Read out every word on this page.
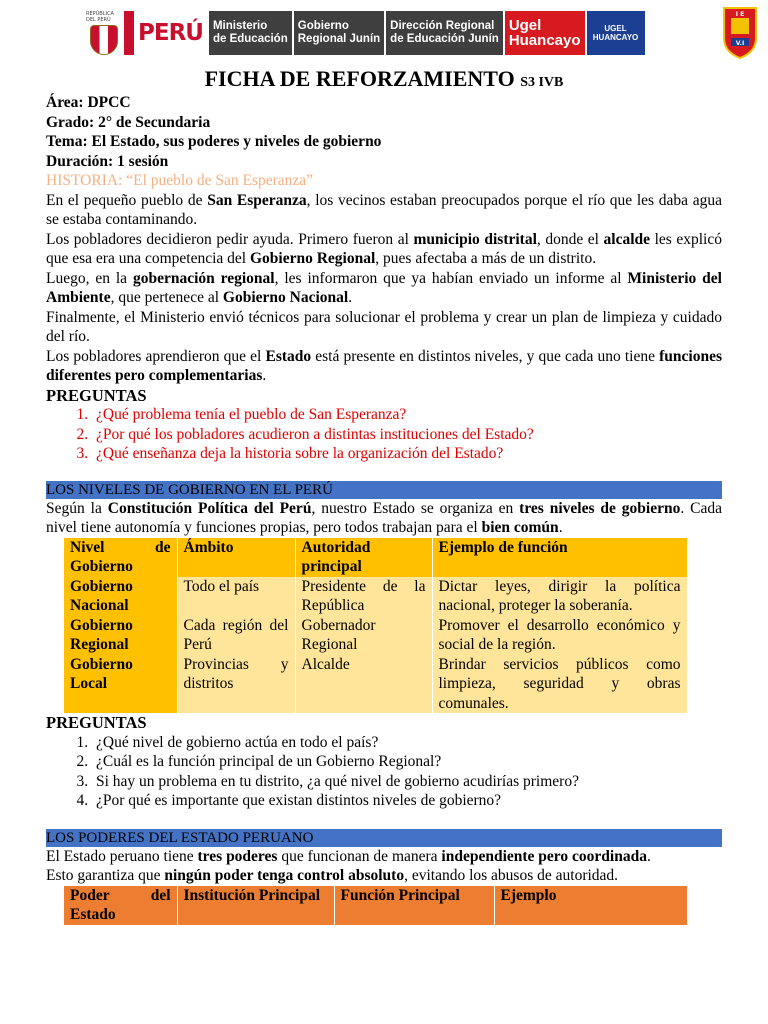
REPÚBLICA DEL PERÚ	PERÚ Ministerio
de Educación
Gobierno
Regional Junín
Dirección Regional
de Educación Junín
Ugel
Huancayo
UGEL
HUANCAYO
I E
V.I
FICHA DE REFORZAMIENTO S3 IVB
Área: DPCC
Grado: 2° de Secundaria
Tema: El Estado, sus poderes y niveles de gobierno
Duración: 1 sesión
HISTORIA: “El pueblo de San Esperanza”

En el pequeño pueblo de San Esperanza, los vecinos estaban preocupados porque el río que les daba agua se estaba contaminando.

Los pobladores decidieron pedir ayuda. Primero fueron al municipio distrital, donde el alcalde les explicó que esa era una competencia del Gobierno Regional, pues afectaba a más de un distrito.

Luego, en la gobernación regional, les informaron que ya habían enviado un informe al Ministerio del Ambiente, que pertenece al Gobierno Nacional.

Finalmente, el Ministerio envió técnicos para solucionar el problema y crear un plan de limpieza y cuidado del río.

Los pobladores aprendieron que el Estado está presente en distintos niveles, y que cada uno tiene funciones diferentes pero complementarias.

PREGUNTAS
1. ¿Qué problema tenía el pueblo de San Esperanza?
2. ¿Por qué los pobladores acudieron a distintas instituciones del Estado?
3. ¿Qué enseñanza deja la historia sobre la organización del Estado?
LOS NIVELES DE GOBIERNO EN EL PERÚ

Según la Constitución Política del Perú, nuestro Estado se organiza en tres niveles de gobierno. Cada nivel tiene autonomía y funciones propias, pero todos trabajan para el bien común.

Nivel de Gobierno	Ámbito	Autoridad principal	Ejemplo de función
Gobierno Nacional	Todo el país	Presidente de la República	Dictar leyes, dirigir la política nacional, proteger la soberanía.
Gobierno Regional	Cada región del Perú	Gobernador Regional	Promover el desarrollo económico y social de la región.
Gobierno Local	Provincias y distritos	Alcalde	Brindar servicios públicos como limpieza, seguridad y obras comunales.
PREGUNTAS
1. ¿Qué nivel de gobierno actúa en todo el país?
2. ¿Cuál es la función principal de un Gobierno Regional?
3. Si hay un problema en tu distrito, ¿a qué nivel de gobierno acudirías primero?
4. ¿Por qué es importante que existan distintos niveles de gobierno?
LOS PODERES DEL ESTADO PERUANO

El Estado peruano tiene tres poderes que funcionan de manera independiente pero coordinada.

Esto garantiza que ningún poder tenga control absoluto, evitando los abusos de autoridad.

Poder del Estado	Institución Principal	Función Principal	Ejemplo
